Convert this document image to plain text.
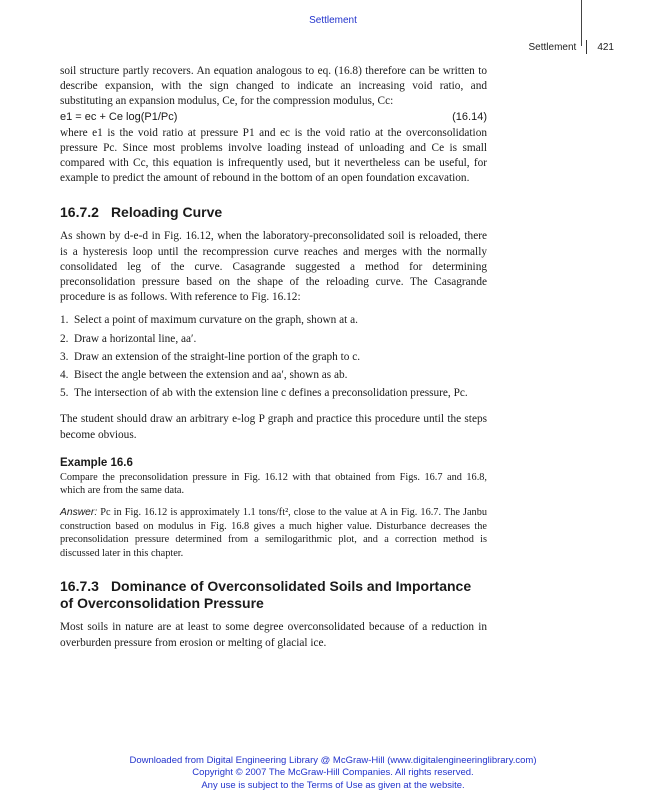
Settlement
Settlement 421

soil structure partly recovers. An equation analogous to eq. (16.8) therefore can be written to describe expansion, with the sign changed to indicate an increasing void ratio, and substituting an expansion modulus, Ce, for the compression modulus, Cc:

e1 = ec + Ce log(P1/Pc)	(16.14)

where e1 is the void ratio at pressure P1 and ec is the void ratio at the overconsolidation pressure Pc. Since most problems involve loading instead of unloading and Ce is small compared with Cc, this equation is infrequently used, but it nevertheless can be useful, for example to predict the amount of rebound in the bottom of an open foundation excavation.

16.7.2 Reloading Curve

As shown by d-e-d in Fig. 16.12, when the laboratory-preconsolidated soil is reloaded, there is a hysteresis loop until the recompression curve reaches and merges with the normally consolidated leg of the curve. Casagrande suggested a method for determining preconsolidation pressure based on the shape of the reloading curve. The Casagrande procedure is as follows. With reference to Fig. 16.12:

1. Select a point of maximum curvature on the graph, shown at a.
2. Draw a horizontal line, aa′.
3. Draw an extension of the straight-line portion of the graph to c.
4. Bisect the angle between the extension and aa′, shown as ab.
5. The intersection of ab with the extension line c defines a preconsolidation pressure, Pc.

The student should draw an arbitrary e-log P graph and practice this procedure until the steps become obvious.

Example 16.6

Compare the preconsolidation pressure in Fig. 16.12 with that obtained from Figs. 16.7 and 16.8, which are from the same data.

Answer: Pc in Fig. 16.12 is approximately 1.1 tons/ft², close to the value at A in Fig. 16.7. The Janbu construction based on modulus in Fig. 16.8 gives a much higher value. Disturbance decreases the preconsolidation pressure determined from a semilogarithmic plot, and a correction method is discussed later in this chapter.

16.7.3 Dominance of Overconsolidated Soils and Importance of Overconsolidation Pressure

Most soils in nature are at least to some degree overconsolidated because of a reduction in overburden pressure from erosion or melting of glacial ice.

Downloaded from Digital Engineering Library @ McGraw-Hill (www.digitalengineeringlibrary.com)
Copyright © 2007 The McGraw-Hill Companies. All rights reserved.
Any use is subject to the Terms of Use as given at the website.
